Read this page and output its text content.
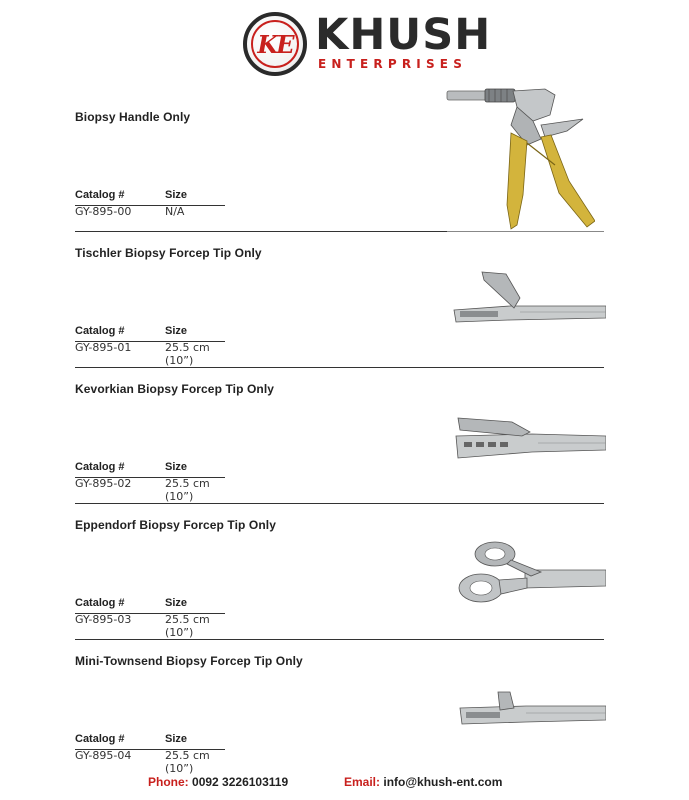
KE KHUSH
ENTERPRISES
Biopsy Handle Only
Catalog #	Size
GY-895-00	N/A
Tischler Biopsy Forcep Tip Only
Catalog #	Size
GY-895-01	25.5 cm (10”)
Kevorkian Biopsy Forcep Tip Only
Catalog #	Size
GY-895-02	25.5 cm (10”)
Eppendorf Biopsy Forcep Tip Only
Catalog #	Size
GY-895-03	25.5 cm (10”)
Mini-Townsend Biopsy Forcep Tip Only
Catalog #	Size
GY-895-04	25.5 cm (10”)
Phone: 0092 3226103119	Email: info@khush-ent.com
